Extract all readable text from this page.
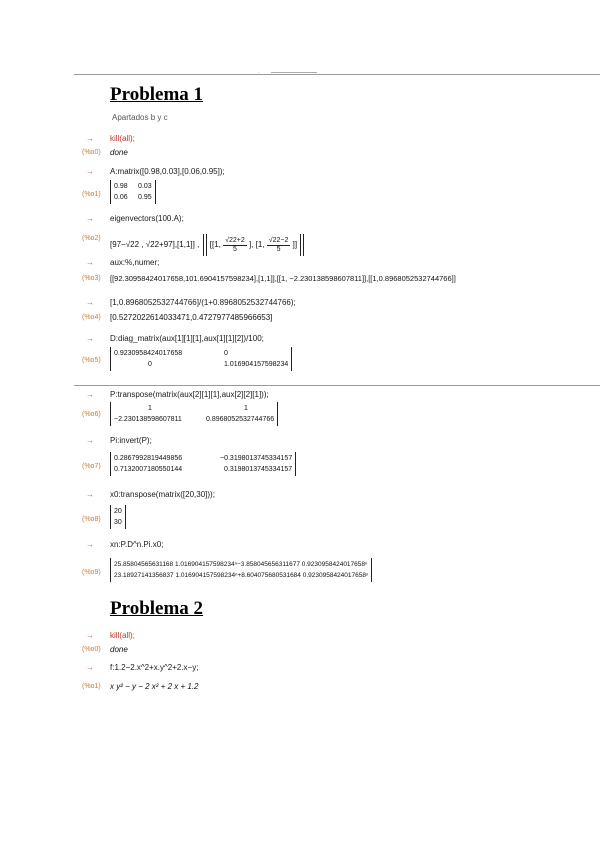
·
Problema 1
Apartados b y c
→ kill(all);
(%o0) done
→ A:matrix([0.98,0.03],[0.06,0.95]);
(%o1)
0.98	0.03
0.06	0.95
→ eigenvectors(100.A);
(%o2)
[97−√22 , √22+97],[1,1]] ,  [[1, $\frac{√22+2}{5}$ ], [1, $\frac{√22-2}{5}$ ]]
→ aux:%,numer;
(%o3) [[92.30958424017658,101.6904157598234],[1,1]],[[1, −2.230138598607811]],[[1,0.8968052532744766]]
→ [1,0.8968052532744766]/(1+0.8968052532744766);
(%o4) [0.5272022614033471,0.4727977485966653]
→ D:diag_matrix(aux[1][1][1],aux[1][1][2])/100;
(%o5)
0.9230958424017658	0
0	1.016904157598234
→ P:transpose(matrix(aux[2][1][1],aux[2][2][1]));
(%o6)
1	1
−2.230138598607811	0.8968052532744766
→ Pi:invert(P);
(%o7)
0.2867992819449856	−0.3198013745334157
0.7132007180550144	0.3198013745334157
→ x0:transpose(matrix([20,30]));
(%o8)
20
30
→ xn:P.D^n.Pi.x0;
(%o9)
25.85804565631168 1.016904157598234ⁿ−3.858045656311677 0.9230958424017658ⁿ
23.18927141356837 1.016904157598234ⁿ+8.604075680531684 0.9230958424017658ⁿ
Problema 2
→ kill(all);
(%o0) done
→ f:1.2−2.x^2+x.y^2+2.x−y;
(%o1) x y² − y − 2 x² + 2 x + 1.2
